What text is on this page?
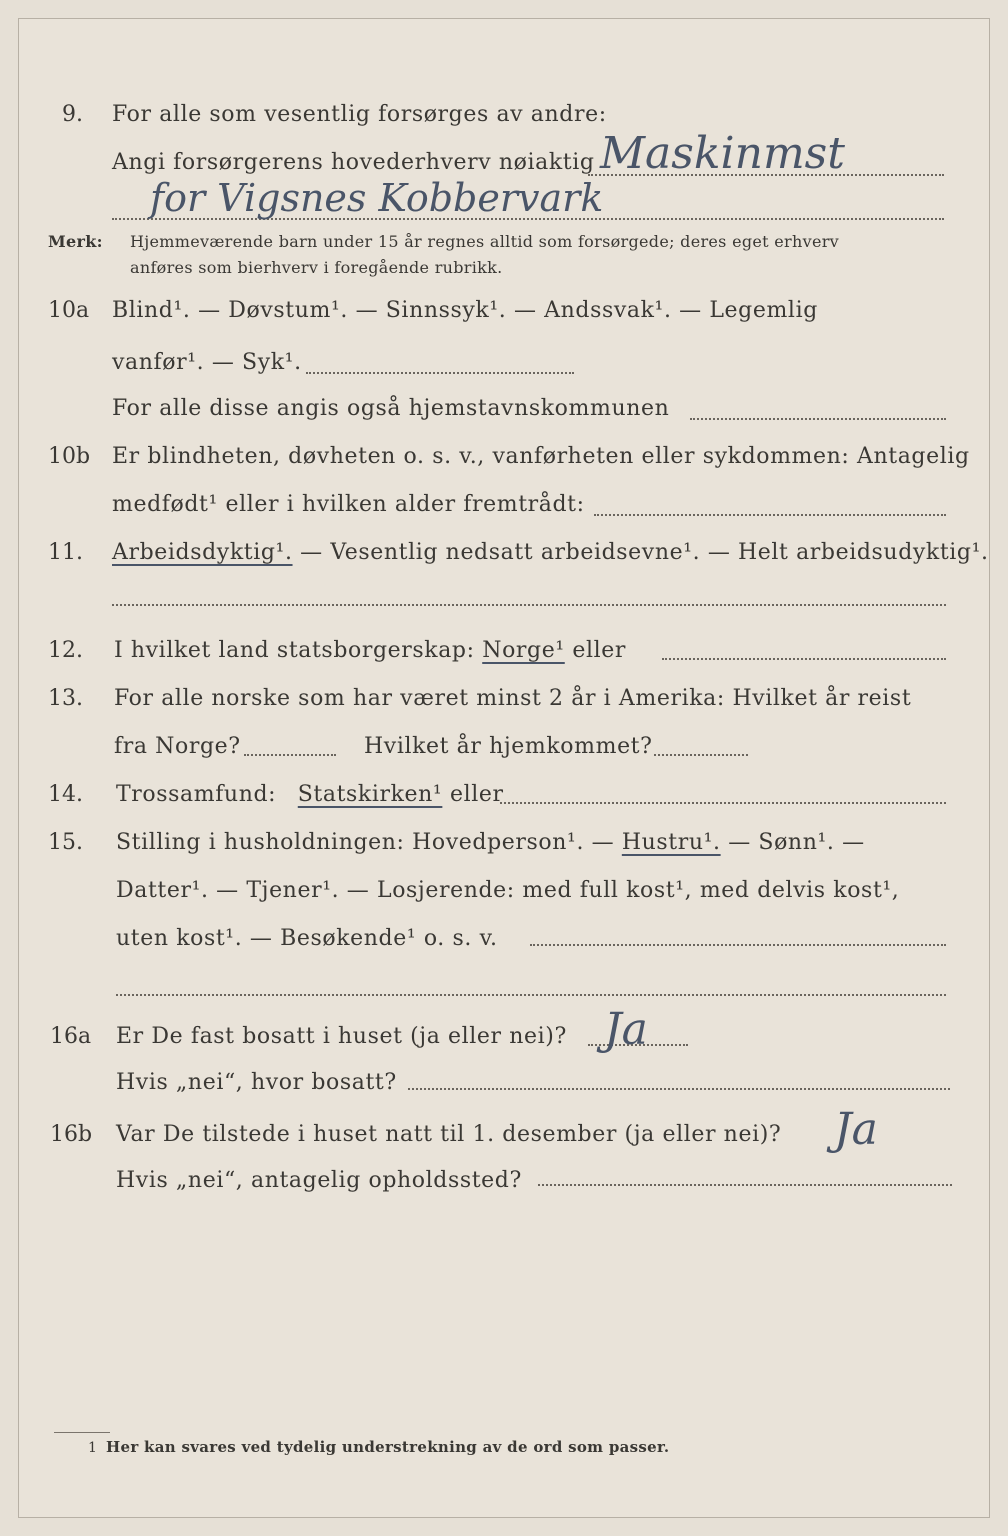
9. For alle som vesentlig forsørges av andre:
Angi forsørgerens hovederhverv nøiaktig Maskinmst
for Vigsnes Kobbervark
Merk: Hjemmeværende barn under 15 år regnes alltid som forsørgede; deres eget erhverv
anføres som bierhverv i foregående rubrikk.
10a Blind¹. — Døvstum¹. — Sinnssyk¹. — Andssvak¹. — Legemlig
vanfør¹. — Syk¹.
For alle disse angis også hjemstavnskommunen
10b Er blindheten, døvheten o. s. v., vanførheten eller sykdommen: Antagelig
medfødt¹ eller i hvilken alder fremtrådt:
11. Arbeidsdyktig¹. — Vesentlig nedsatt arbeidsevne¹. — Helt arbeidsudyktig¹.
12. I hvilket land statsborgerskap: Norge¹ eller
13. For alle norske som har været minst 2 år i Amerika: Hvilket år reist
fra Norge?	Hvilket år hjemkommet?
14. Trossamfund: Statskirken¹ eller
15. Stilling i husholdningen: Hovedperson¹. — Hustru¹. — Sønn¹. —
Datter¹. — Tjener¹. — Losjerende: med full kost¹, med delvis kost¹,
uten kost¹. — Besøkende¹ o. s. v.
16a Er De fast bosatt i huset (ja eller nei)? Ja
Hvis „nei“, hvor bosatt?
16b Var De tilstede i huset natt til 1. desember (ja eller nei)? Ja
Hvis „nei“, antagelig opholdssted?
1 Her kan svares ved tydelig understrekning av de ord som passer.
